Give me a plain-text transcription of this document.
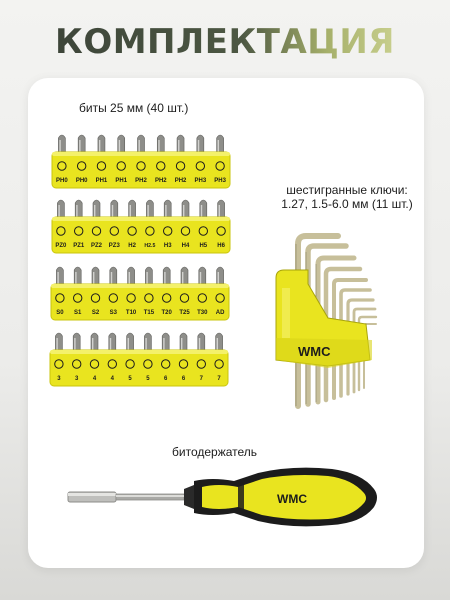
КОМПЛЕКТАЦИЯ
биты 25 мм (40 шт.)
шестигранные ключи:
1.27, 1.5-6.0 мм (11 шт.)
битодержатель
PH0 PH0 PH1 PH1 PH2 PH2 PH2 PH3 PH3
PZ0 PZ1 PZ2 PZ3 H2 H2.5 H3 H4 H5 H6
S0 S1 S2 S3 T10 T15 T20 T25 T30 AD
3 3 4 4 5 5 6 6 7 7
WMC
WMC
